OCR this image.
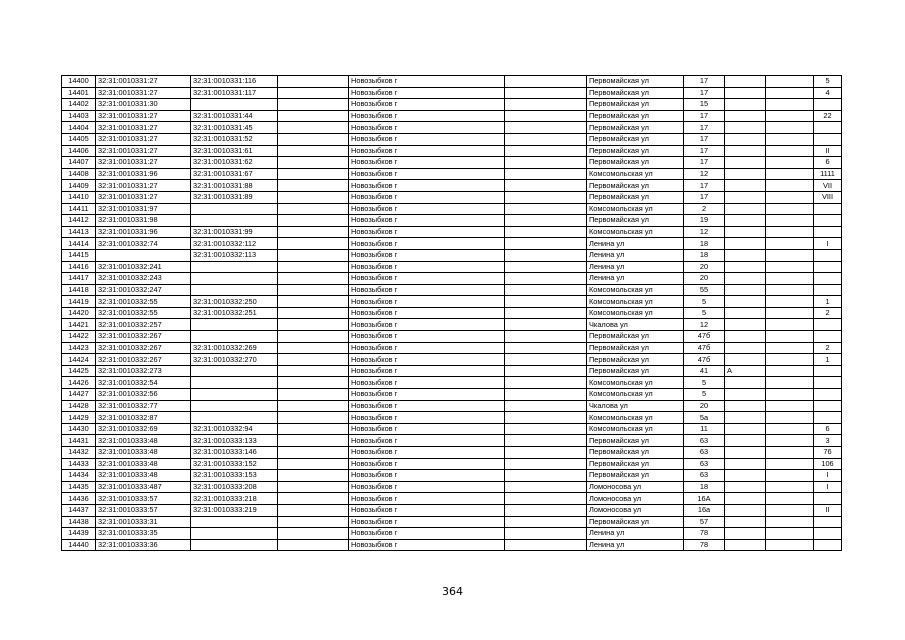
14400	32:31:0010331:27	32:31:0010331:116		Новозыбков г		Первомайская ул	17			5
14401	32:31:0010331:27	32:31:0010331:117		Новозыбков г		Первомайская ул	17			4
14402	32:31:0010331:30			Новозыбков г		Первомайская ул	15			
14403	32:31:0010331:27	32:31:0010331:44		Новозыбков г		Первомайская ул	17			22
14404	32:31:0010331:27	32:31:0010331:45		Новозыбков г		Первомайская ул	17			
14405	32:31:0010331:27	32:31:0010331:52		Новозыбков г		Первомайская ул	17			
14406	32:31:0010331:27	32:31:0010331:61		Новозыбков г		Первомайская ул	17			II
14407	32:31:0010331:27	32:31:0010331:62		Новозыбков г		Первомайская ул	17			6
14408	32:31:0010331:96	32:31:0010331:67		Новозыбков г		Комсомольская ул	12			1111
14409	32:31:0010331:27	32:31:0010331:88		Новозыбков г		Первомайская ул	17			VII
14410	32:31:0010331:27	32:31:0010331:89		Новозыбков г		Первомайская ул	17			VIII
14411	32:31:0010331:97			Новозыбков г		Комсомольская ул	2			
14412	32:31:0010331:98			Новозыбков г		Первомайская ул	19			
14413	32:31:0010331:96	32:31:0010331:99		Новозыбков г		Комсомольская ул	12			
14414	32:31:0010332:74	32:31:0010332:112		Новозыбков г		Ленина ул	18			I
14415		32:31:0010332:113		Новозыбков г		Ленина ул	18			
14416	32:31:0010332:241			Новозыбков г		Ленина ул	20			
14417	32:31:0010332:243			Новозыбков г		Ленина ул	20			
14418	32:31:0010332:247			Новозыбков г		Комсомольская ул	55			
14419	32:31:0010332:55	32:31:0010332:250		Новозыбков г		Комсомольская ул	5			1
14420	32:31:0010332:55	32:31:0010332:251		Новозыбков г		Комсомольская ул	5			2
14421	32:31:0010332:257			Новозыбков г		Чкалова ул	12			
14422	32:31:0010332:267			Новозыбков г		Первомайская ул	47б			
14423	32:31:0010332:267	32:31:0010332:269		Новозыбков г		Первомайская ул	47б			2
14424	32:31:0010332:267	32:31:0010332:270		Новозыбков г		Первомайская ул	47б			1
14425	32:31:0010332:273			Новозыбков г		Первомайская ул	41	А		
14426	32:31:0010332:54			Новозыбков г		Комсомольская ул	5			
14427	32:31:0010332:56			Новозыбков г		Комсомольская ул	5			
14428	32:31:0010332:77			Новозыбков г		Чкалова ул	20			
14429	32:31:0010332:87			Новозыбков г		Комсомольская ул	5а			
14430	32:31:0010332:69	32:31:0010332:94		Новозыбков г		Комсомольская ул	11			6
14431	32:31:0010333:48	32:31:0010333:133		Новозыбков г		Первомайская ул	63			3
14432	32:31:0010333:48	32:31:0010333:146		Новозыбков г		Первомайская ул	63			76
14433	32:31:0010333:48	32:31:0010333:152		Новозыбков г		Первомайская ул	63			106
14434	32:31:0010333:48	32:31:0010333:153		Новозыбков г		Первомайская ул	63			I
14435	32:31:0010333:487	32:31:0010333:208		Новозыбков г		Ломоносова ул	18			I
14436	32:31:0010333:57	32:31:0010333:218		Новозыбков г		Ломоносова ул	16А			
14437	32:31:0010333:57	32:31:0010333:219		Новозыбков г		Ломоносова ул	16а			II
14438	32:31:0010333:31			Новозыбков г		Первомайская ул	57			
14439	32:31:0010333:35			Новозыбков г		Ленина ул	78			
14440	32:31:0010333:36			Новозыбков г		Ленина ул	78			
364
